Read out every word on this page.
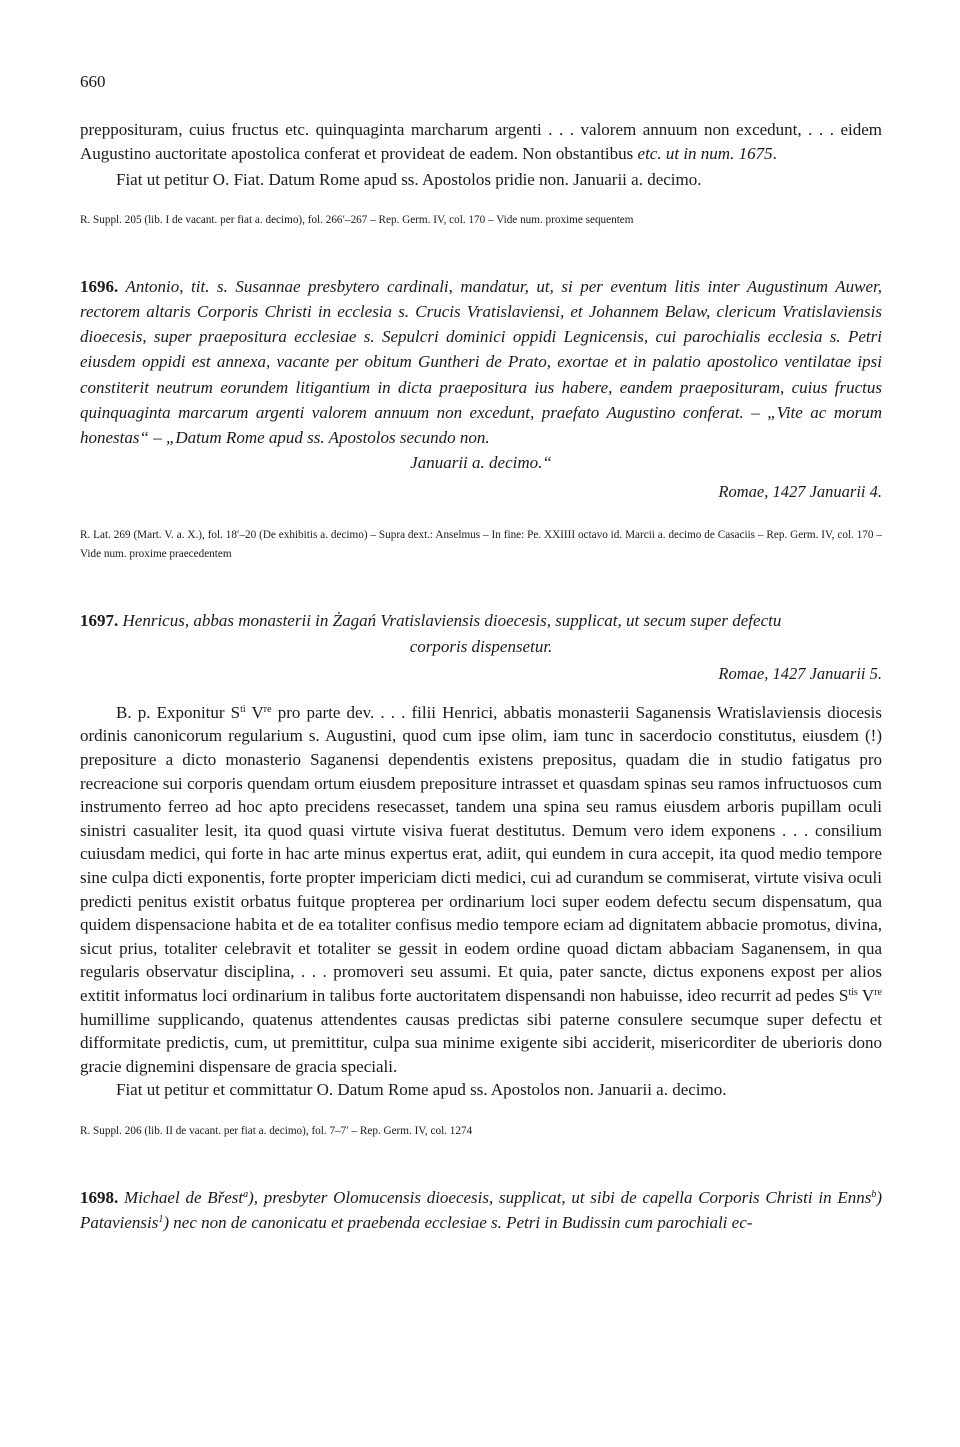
660

prepposituram, cuius fructus etc. quinquaginta marcharum argenti . . . valorem annuum non excedunt, . . . eidem Augustino auctoritate apostolica conferat et provideat de eadem. Non obstantibus etc. ut in num. 1675.

Fiat ut petitur O. Fiat. Datum Rome apud ss. Apostolos pridie non. Januarii a. decimo.

R. Suppl. 205 (lib. I de vacant. per fiat a. decimo), fol. 266′–267 – Rep. Germ. IV, col. 170 – Vide num. proxime sequentem

1696. Antonio, tit. s. Susannae presbytero cardinali, mandatur, ut, si per eventum litis inter Augustinum Auwer, rectorem altaris Corporis Christi in ecclesia s. Crucis Vratislaviensi, et Johannem Belaw, clericum Vratislaviensis dioecesis, super praepositura ecclesiae s. Sepulcri dominici oppidi Legnicensis, cui parochialis ecclesia s. Petri eiusdem oppidi est annexa, vacante per obitum Guntheri de Prato, exortae et in palatio apostolico ventilatae ipsi constiterit neutrum eorundem litigantium in dicta praepositura ius habere, eandem praeposituram, cuius fructus quinquaginta marcarum argenti valorem annuum non excedunt, praefato Augustino conferat. – „Vite ac morum honestas“ – „Datum Rome apud ss. Apostolos secundo non.
Januarii a. decimo.“
Romae, 1427 Januarii 4.

R. Lat. 269 (Mart. V. a. X.), fol. 18′–20 (De exhibitis a. decimo) – Supra dext.: Anselmus – In fine: Pe. XXIIII octavo id. Marcii a. decimo de Casaciis – Rep. Germ. IV, col. 170 – Vide num. proxime praecedentem

1697. Henricus, abbas monasterii in Żagań Vratislaviensis dioecesis, supplicat, ut secum super defectu
corporis dispensetur.
Romae, 1427 Januarii 5.

B. p. Exponitur $S^{ti}$ Vre pro parte dev. . . . filii Henrici, abbatis monasterii Saganensis Wratislaviensis diocesis ordinis canonicorum regularium s. Augustini, quod cum ipse olim, iam tunc in sacerdocio constitutus, eiusdem (!) prepositure a dicto monasterio Saganensi dependentis existens prepositus, quadam die in studio fatigatus pro recreacione sui corporis quendam ortum eiusdem prepositure intrasset et quasdam spinas seu ramos infructuosos cum instrumento ferreo ad hoc apto precidens resecasset, tandem una spina seu ramus eiusdem arboris pupillam oculi sinistri casualiter lesit, ita quod quasi virtute visiva fuerat destitutus. Demum vero idem exponens . . . consilium cuiusdam medici, qui forte in hac arte minus expertus erat, adiit, qui eundem in cura accepit, ita quod medio tempore sine culpa dicti exponentis, forte propter impericiam dicti medici, cui ad curandum se commiserat, virtute visiva oculi predicti penitus existit orbatus fuitque propterea per ordinarium loci super eodem defectu secum dispensatum, qua quidem dispensacione habita et de ea totaliter confisus medio tempore eciam ad dignitatem abbacie promotus, divina, sicut prius, totaliter celebravit et totaliter se gessit in eodem ordine quoad dictam abbaciam Saganensem, in qua regularis observatur disciplina, . . . promoveri seu assumi. Et quia, pater sancte, dictus exponens expost per alios extitit informatus loci ordinarium in talibus forte auctoritatem dispensandi non habuisse, ideo recurrit ad pedes $S^{tis}$ Vre humillime supplicando, quatenus attendentes causas predictas sibi paterne consulere secumque super defectu et difformitate predictis, cum, ut premittitur, culpa sua minime exigente sibi acciderit, misericorditer de uberioris dono gracie dignemini dispensare de gracia speciali.

Fiat ut petitur et committatur O. Datum Rome apud ss. Apostolos non. Januarii a. decimo.

R. Suppl. 206 (lib. II de vacant. per fiat a. decimo), fol. 7–7′ – Rep. Germ. IV, col. 1274

1698. Michael de Břest$^a$), presbyter Olomucensis dioecesis, supplicat, ut sibi de capella Corporis Christi in Enns$^b$) Pataviensis$^1$) nec non de canonicatu et praebenda ecclesiae s. Petri in Budissin cum parochiali ec-
